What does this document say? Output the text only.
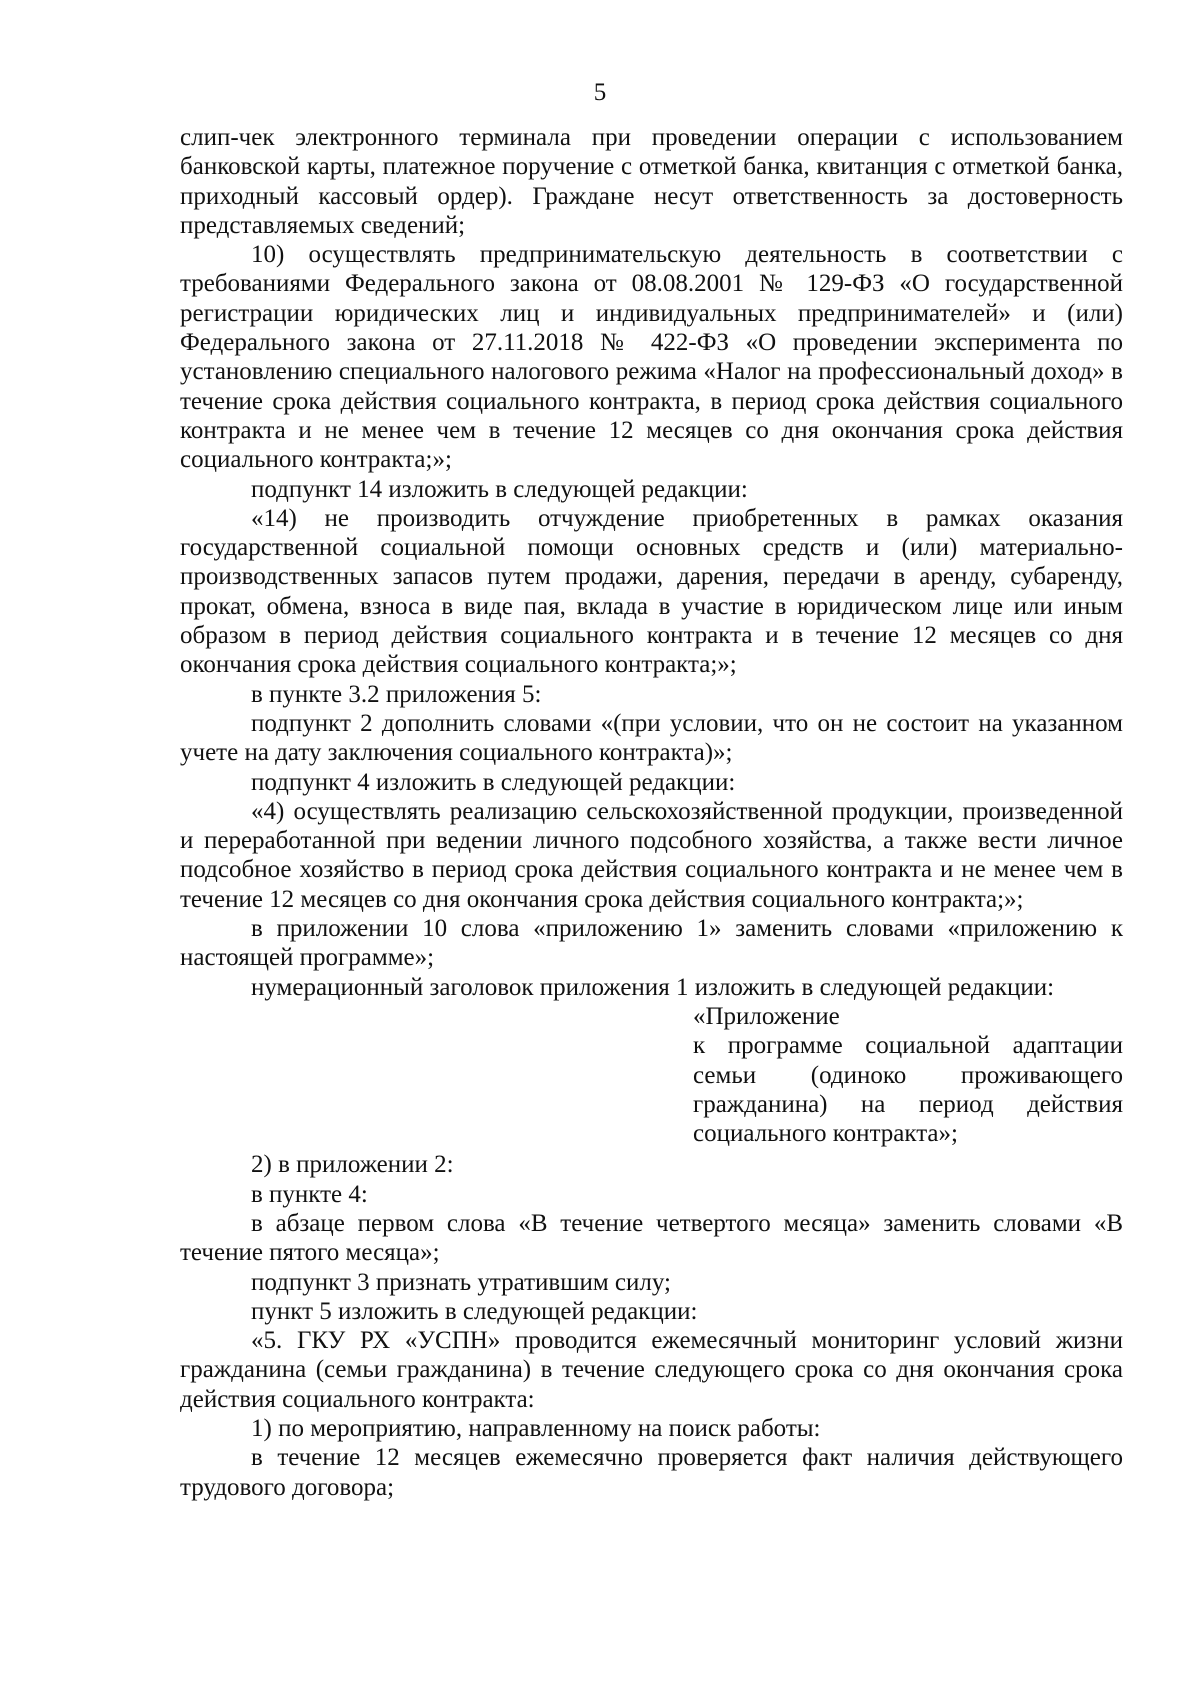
5

слип-чек электронного терминала при проведении операции с использованием банковской карты, платежное поручение с отметкой банка, квитанция с отметкой банка, приходный кассовый ордер). Граждане несут ответственность за достоверность представляемых сведений;

10) осуществлять предпринимательскую деятельность в соответствии с требованиями Федерального закона от 08.08.2001 № 129-ФЗ «О государственной регистрации юридических лиц и индивидуальных предпринимателей» и (или) Федерального закона от 27.11.2018 № 422-ФЗ «О проведении эксперимента по установлению специального налогового режима «Налог на профессиональный доход» в течение срока действия социального контракта, в период срока действия социального контракта и не менее чем в течение 12 месяцев со дня окончания срока действия социального контракта;»;

подпункт 14 изложить в следующей редакции:

«14) не производить отчуждение приобретенных в рамках оказания государственной социальной помощи основных средств и (или) материально-производственных запасов путем продажи, дарения, передачи в аренду, субаренду, прокат, обмена, взноса в виде пая, вклада в участие в юридическом лице или иным образом в период действия социального контракта и в течение 12 месяцев со дня окончания срока действия социального контракта;»;

в пункте 3.2 приложения 5:

подпункт 2 дополнить словами «(при условии, что он не состоит на указанном учете на дату заключения социального контракта)»;

подпункт 4 изложить в следующей редакции:

«4) осуществлять реализацию сельскохозяйственной продукции, произведенной и переработанной при ведении личного подсобного хозяйства, а также вести личное подсобное хозяйство в период срока действия социального контракта и не менее чем в течение 12 месяцев со дня окончания срока действия социального контракта;»;

в приложении 10 слова «приложению 1» заменить словами «приложению к настоящей программе»;

нумерационный заголовок приложения 1 изложить в следующей редакции:

«Приложение

к программе социальной адаптации семьи (одиноко проживающего гражданина) на период действия социального контракта»;

2) в приложении 2:

в пункте 4:

в абзаце первом слова «В течение четвертого месяца» заменить словами «В течение пятого месяца»;

подпункт 3 признать утратившим силу;

пункт 5 изложить в следующей редакции:

«5. ГКУ РХ «УСПН» проводится ежемесячный мониторинг условий жизни гражданина (семьи гражданина) в течение следующего срока со дня окончания срока действия социального контракта:

1) по мероприятию, направленному на поиск работы:

в течение 12 месяцев ежемесячно проверяется факт наличия действующего трудового договора;
